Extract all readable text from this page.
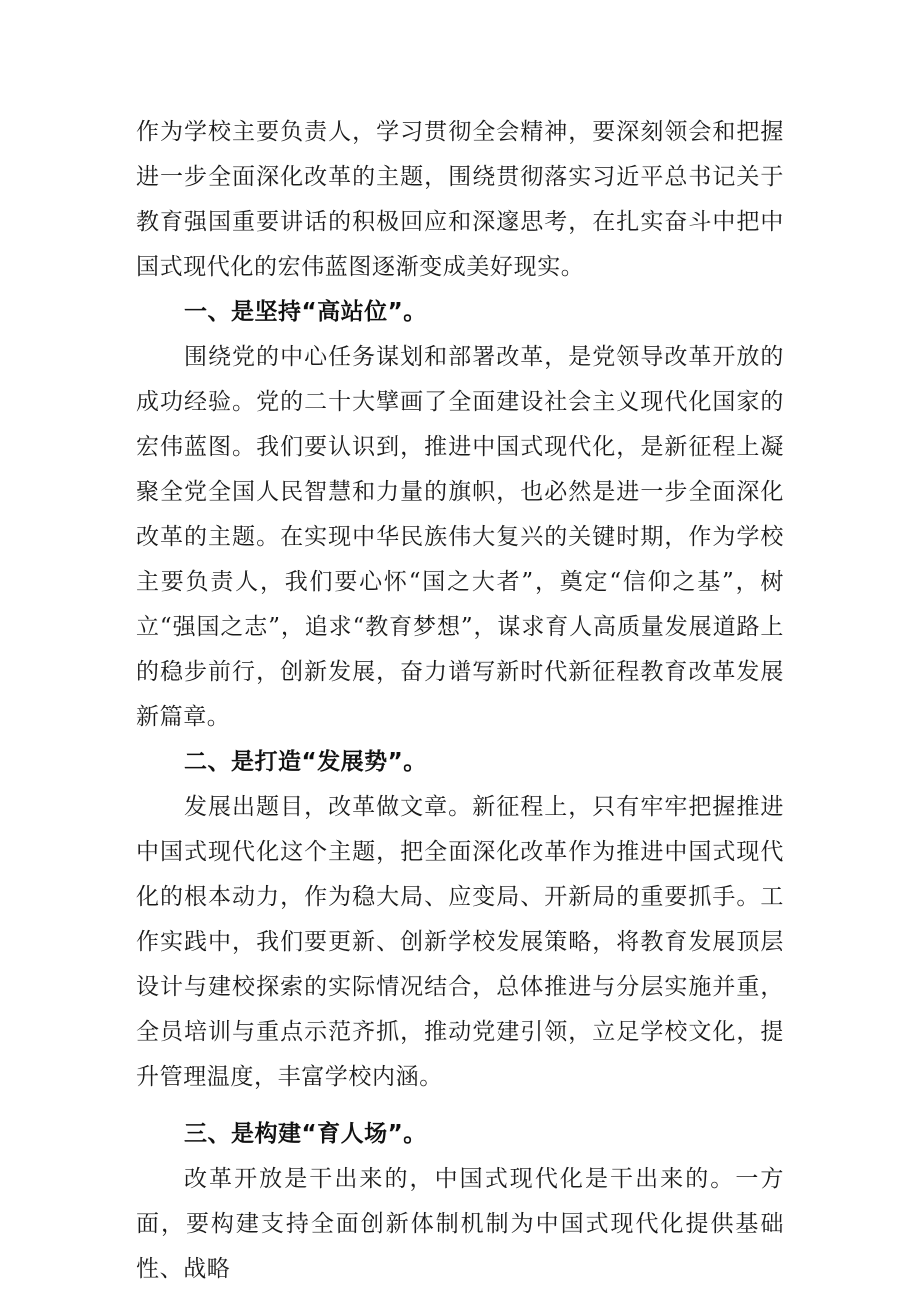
作为学校主要负责人，学习贯彻全会精神，要深刻领会和把握进一步全面深化改革的主题，围绕贯彻落实习近平总书记关于教育强国重要讲话的积极回应和深邃思考，在扎实奋斗中把中国式现代化的宏伟蓝图逐渐变成美好现实。

一、是坚持“高站位”。

围绕党的中心任务谋划和部署改革，是党领导改革开放的成功经验。党的二十大擘画了全面建设社会主义现代化国家的宏伟蓝图。我们要认识到，推进中国式现代化，是新征程上凝聚全党全国人民智慧和力量的旗帜，也必然是进一步全面深化改革的主题。在实现中华民族伟大复兴的关键时期，作为学校主要负责人，我们要心怀“国之大者”，奠定“信仰之基”，树立“强国之志”，追求“教育梦想”，谋求育人高质量发展道路上的稳步前行，创新发展，奋力谱写新时代新征程教育改革发展新篇章。

二、是打造“发展势”。

发展出题目，改革做文章。新征程上，只有牢牢把握推进中国式现代化这个主题，把全面深化改革作为推进中国式现代化的根本动力，作为稳大局、应变局、开新局的重要抓手。工作实践中，我们要更新、创新学校发展策略，将教育发展顶层设计与建校探索的实际情况结合，总体推进与分层实施并重，全员培训与重点示范齐抓，推动党建引领，立足学校文化，提升管理温度，丰富学校内涵。

三、是构建“育人场”。

改革开放是干出来的，中国式现代化是干出来的。一方面，要构建支持全面创新体制机制为中国式现代化提供基础性、战略
